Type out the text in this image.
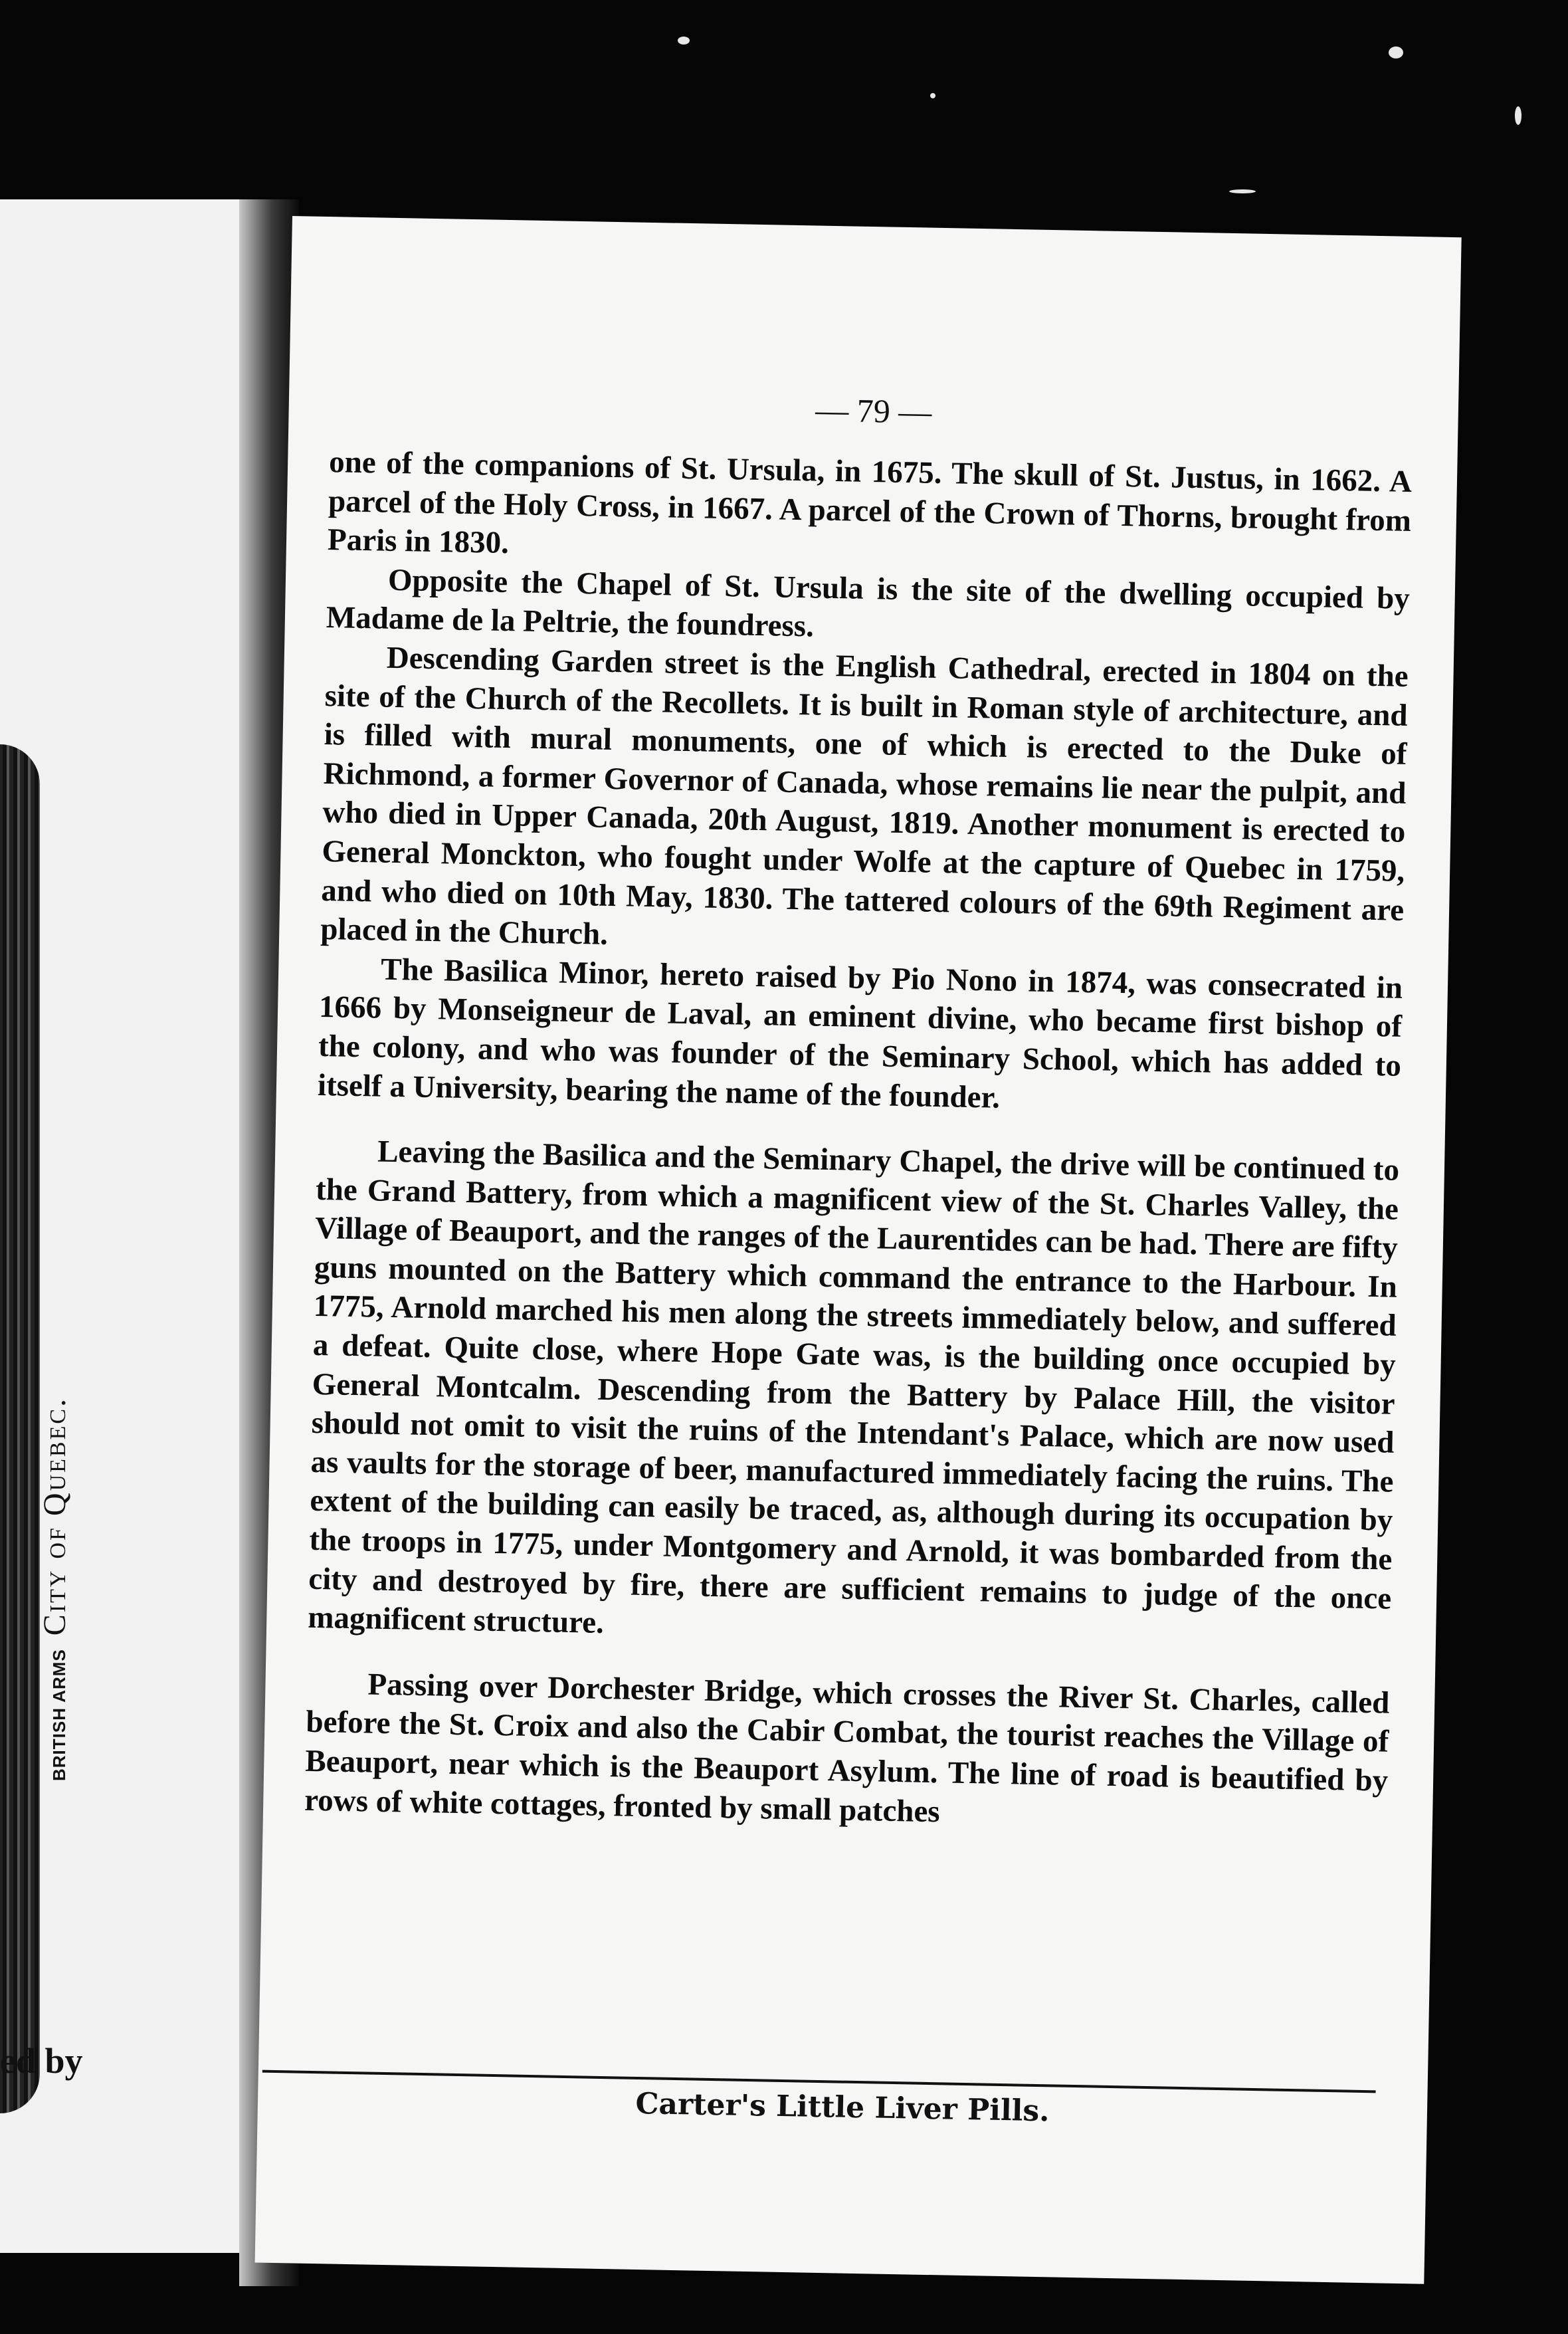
BRITISH ARMS City of Quebec.
ed by
— 79 —

one of the companions of St. Ursula, in 1675. The skull of St. Justus, in 1662. A parcel of the Holy Cross, in 1667. A parcel of the Crown of Thorns, brought from Paris in 1830.

Opposite the Chapel of St. Ursula is the site of the dwelling occupied by Madame de la Peltrie, the foundress.

Descending Garden street is the English Cathedral, erected in 1804 on the site of the Church of the Recollets. It is built in Roman style of architecture, and is filled with mural monuments, one of which is erected to the Duke of Richmond, a former Governor of Canada, whose remains lie near the pulpit, and who died in Upper Canada, 20th August, 1819. Another monument is erected to General Monckton, who fought under Wolfe at the capture of Quebec in 1759, and who died on 10th May, 1830. The tattered colours of the 69th Regiment are placed in the Church.

The Basilica Minor, hereto raised by Pio Nono in 1874, was consecrated in 1666 by Monseigneur de Laval, an eminent divine, who became first bishop of the colony, and who was founder of the Seminary School, which has added to itself a University, bearing the name of the founder.

Leaving the Basilica and the Seminary Chapel, the drive will be continued to the Grand Battery, from which a magnificent view of the St. Charles Valley, the Village of Beauport, and the ranges of the Laurentides can be had. There are fifty guns mounted on the Battery which command the entrance to the Harbour. In 1775, Arnold marched his men along the streets immediately below, and suffered a defeat. Quite close, where Hope Gate was, is the building once occupied by General Montcalm. Descending from the Battery by Palace Hill, the visitor should not omit to visit the ruins of the Intendant's Palace, which are now used as vaults for the storage of beer, manufactured immediately facing the ruins. The extent of the building can easily be traced, as, although during its occupation by the troops in 1775, under Montgomery and Arnold, it was bombarded from the city and destroyed by fire, there are sufficient remains to judge of the once magnificent structure.

Passing over Dorchester Bridge, which crosses the River St. Charles, called before the St. Croix and also the Cabir Combat, the tourist reaches the Village of Beauport, near which is the Beauport Asylum. The line of road is beautified by rows of white cottages, fronted by small patches

Carter's Little Liver Pills.
